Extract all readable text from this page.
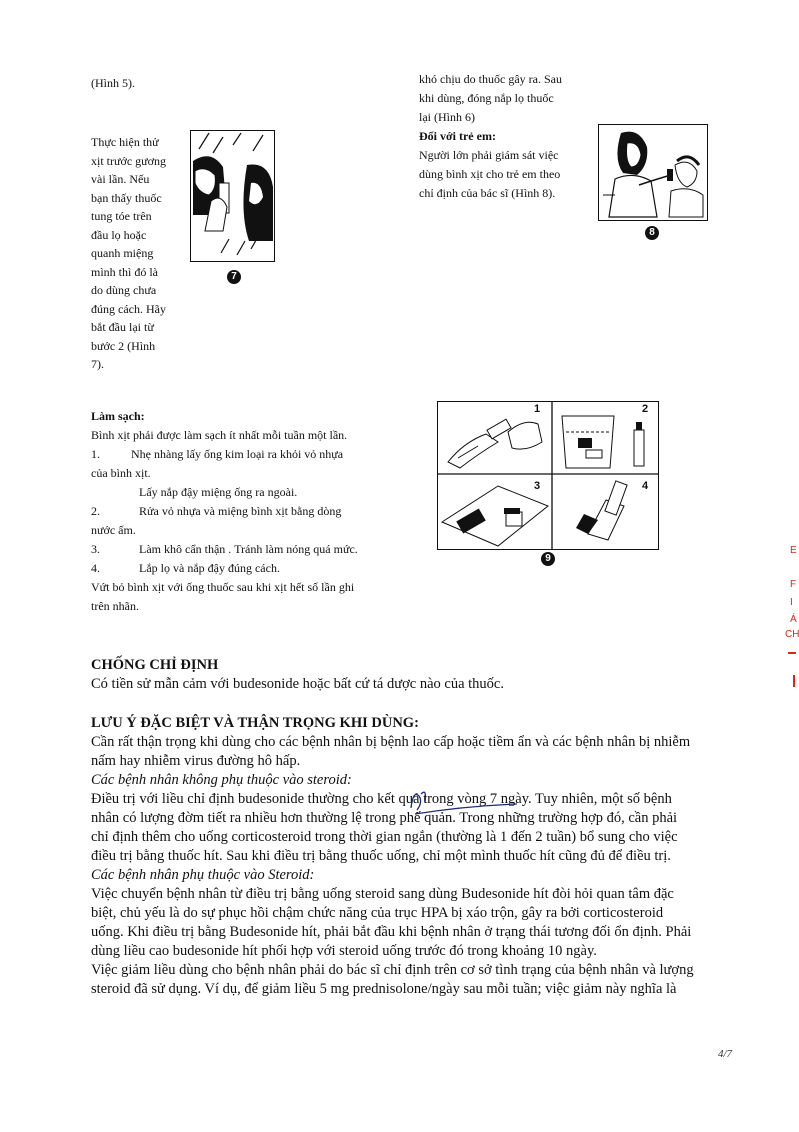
(Hình 5).
Thực hiện thử
xịt trước gương
vài lần. Nếu
bạn thấy thuốc
tung tóe trên
đầu lọ hoặc
quanh miệng
mình thì đó là
do dùng chưa
đúng cách. Hãy
bắt đầu lại từ
bước 2 (Hình
7).
7
khó chịu do thuốc gây ra. Sau
khi dùng, đóng nắp lọ thuốc
lại (Hình 6)
Đối với trẻ em:
Người lớn phải giám sát việc
dùng bình xịt cho trẻ em theo
chỉ định của bác sĩ (Hình 8).
8
Làm sạch:
Bình xịt phải được làm sạch ít nhất mỗi tuần một lần.
1.	Nhẹ nhàng lấy ống kim loại ra khỏi vỏ nhựa
của bình xịt.
Lấy nắp đậy miệng ống ra ngoài.
2.	Rửa vỏ nhựa và miệng bình xịt bằng dòng
nước ấm.
3.	Làm khô cẩn thận . Tránh làm nóng quá mức.
4.	Lắp lọ và nắp đậy đúng cách.
Vứt bỏ bình xịt với ống thuốc sau khi xịt hết số lần ghi
trên nhãn.
1	2
3	4
9
CHỐNG CHỈ ĐỊNH
Có tiền sử mẫn cảm với budesonide hoặc bất cứ tá dược nào của thuốc.
LƯU Ý ĐẶC BIỆT VÀ THẬN TRỌNG KHI DÙNG:
Cần rất thận trọng khi dùng cho các bệnh nhân bị bệnh lao cấp hoặc tiềm ẩn và các bệnh nhân bị nhiễm
nấm hay nhiễm virus đường hô hấp.
Các bệnh nhân không phụ thuộc vào steroid:
Điều trị với liều chỉ định budesonide thường cho kết quả trong vòng 7 ngày. Tuy nhiên, một số bệnh
nhân có lượng đờm tiết ra nhiều hơn thường lệ trong phế quản. Trong những trường hợp đó, cần phải
chỉ định thêm cho uống corticosteroid trong thời gian ngắn (thường là 1 đến 2 tuần) bổ sung cho việc
điều trị bằng thuốc hít. Sau khi điều trị bằng thuốc uống, chỉ một mình thuốc hít cũng đủ để điều trị.
Các bệnh nhân phụ thuộc vào Steroid:
Việc chuyển bệnh nhân từ điều trị bằng uống steroid sang dùng Budesonide hít đòi hỏi quan tâm đặc
biệt, chủ yếu là do sự phục hồi chậm chức năng của trục HPA bị xáo trộn, gây ra bởi corticosteroid
uống. Khi điều trị bằng Budesonide hít, phải bắt đầu khi bệnh nhân ở trạng thái tương đối ổn định. Phải
dùng liều cao budesonide hít phối hợp với steroid uống trước đó trong khoảng 10 ngày.
Việc giảm liều dùng cho bệnh nhân phải do bác sĩ chỉ định trên cơ sở tình trạng của bệnh nhân và lượng
steroid đã sử dụng. Ví dụ, để giảm liều 5 mg prednisolone/ngày sau mỗi tuần; việc giảm này nghĩa là
4/7
E
F
I
Á
CH
